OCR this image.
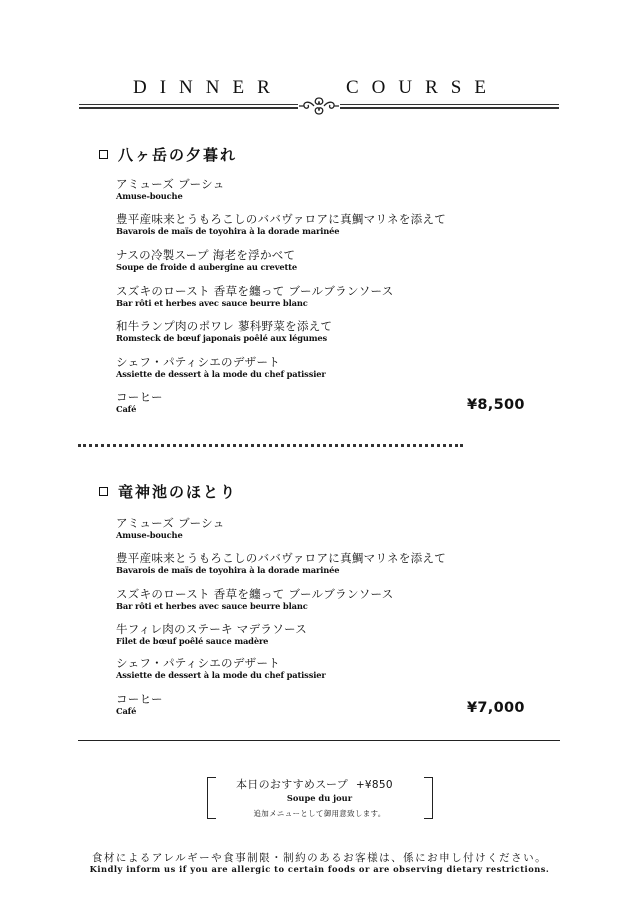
DINNER	COURSE
八ヶ岳の夕暮れ
アミューズ ブーシュ
Amuse-bouche
豊平産味来とうもろこしのババヴァロアに真鯛マリネを添えて
Bavarois de maïs de toyohira à la dorade marinée
ナスの冷製スープ 海老を浮かべて
Soupe de froide d aubergine au crevette
スズキのロースト 香草を纏って ブールブランソース
Bar rôti et herbes avec sauce beurre blanc
和牛ランプ肉のポワレ 蓼科野菜を添えて
Romsteck de bœuf japonais poêlé aux légumes
シェフ・パティシエのデザート
Assiette de dessert à la mode du chef patissier
コーヒー
Café	¥8,500
竜神池のほとり
アミューズ ブーシュ
Amuse-bouche
豊平産味来とうもろこしのババヴァロアに真鯛マリネを添えて
Bavarois de maïs de toyohira à la dorade marinée
スズキのロースト 香草を纏って ブールブランソース
Bar rôti et herbes avec sauce beurre blanc
牛フィレ肉のステーキ マデラソース
Filet de bœuf poêlé sauce madère
シェフ・パティシエのデザート
Assiette de dessert à la mode du chef patissier
コーヒー
Café	¥7,000
本日のおすすめスープ +¥850
Soupe du jour
追加メニューとして御用意致します。
食材によるアレルギーや食事制限・制約のあるお客様は、係にお申し付けください。
Kindly inform us if you are allergic to certain foods or are observing dietary restrictions.
